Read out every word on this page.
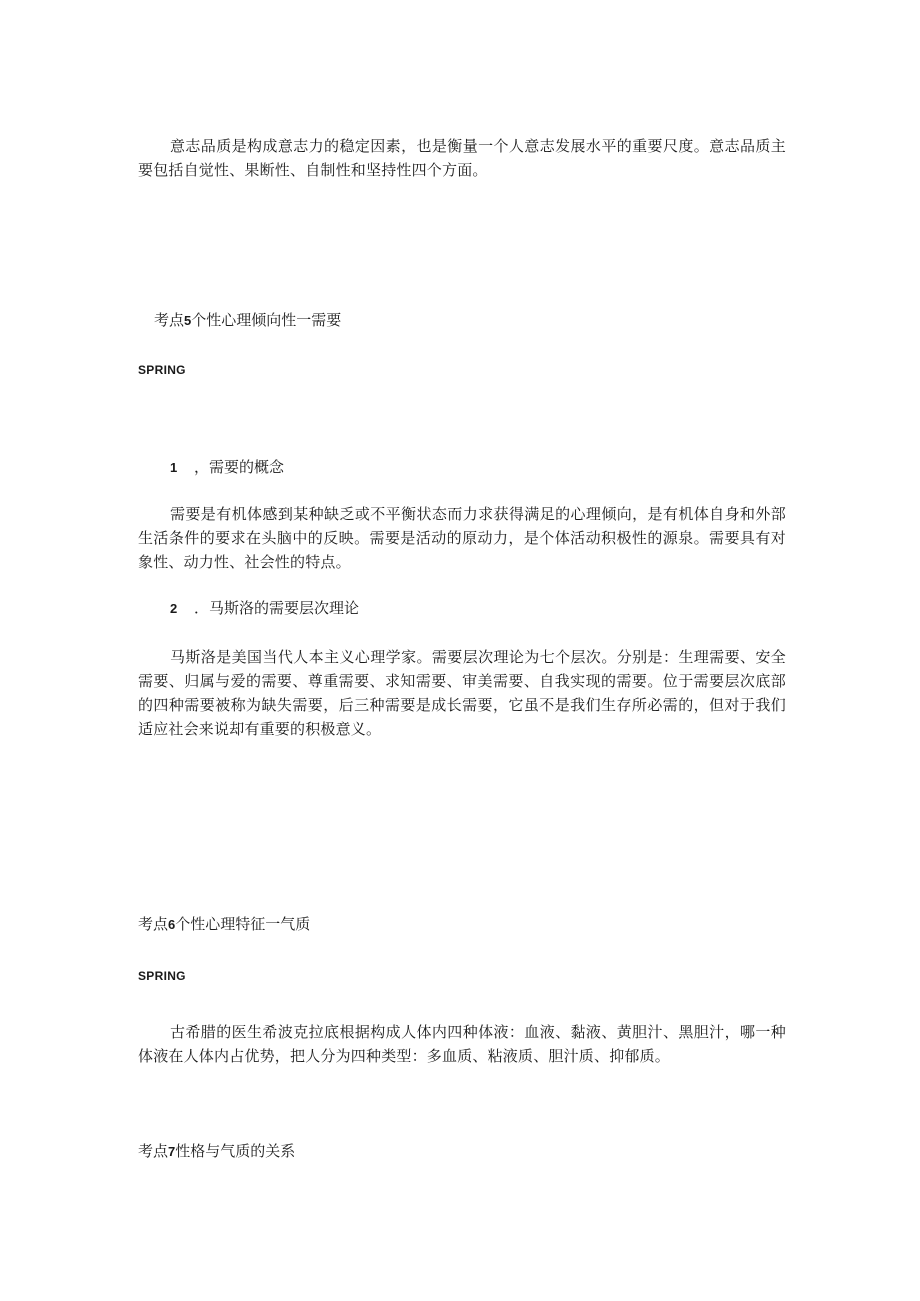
意志品质是构成意志力的稳定因素，也是衡量一个人意志发展水平的重要尺度。意志品质主要包括自觉性、果断性、自制性和坚持性四个方面。

考点5个性心理倾向性一需要
SPRING
1 ，需要的概念

需要是有机体感到某种缺乏或不平衡状态而力求获得满足的心理倾向，是有机体自身和外部生活条件的要求在头脑中的反映。需要是活动的原动力，是个体活动积极性的源泉。需要具有对象性、动力性、社会性的特点。

2 ．马斯洛的需要层次理论

马斯洛是美国当代人本主义心理学家。需要层次理论为七个层次。分别是：生理需要、安全需要、归属与爱的需要、尊重需要、求知需要、审美需要、自我实现的需要。位于需要层次底部的四种需要被称为缺失需要，后三种需要是成长需要，它虽不是我们生存所必需的，但对于我们适应社会来说却有重要的积极意义。

考点6个性心理特征一气质
SPRING

古希腊的医生希波克拉底根据构成人体内四种体液：血液、黏液、黄胆汁、黑胆汁，哪一种体液在人体内占优势，把人分为四种类型：多血质、粘液质、胆汁质、抑郁质。

考点7性格与气质的关系
